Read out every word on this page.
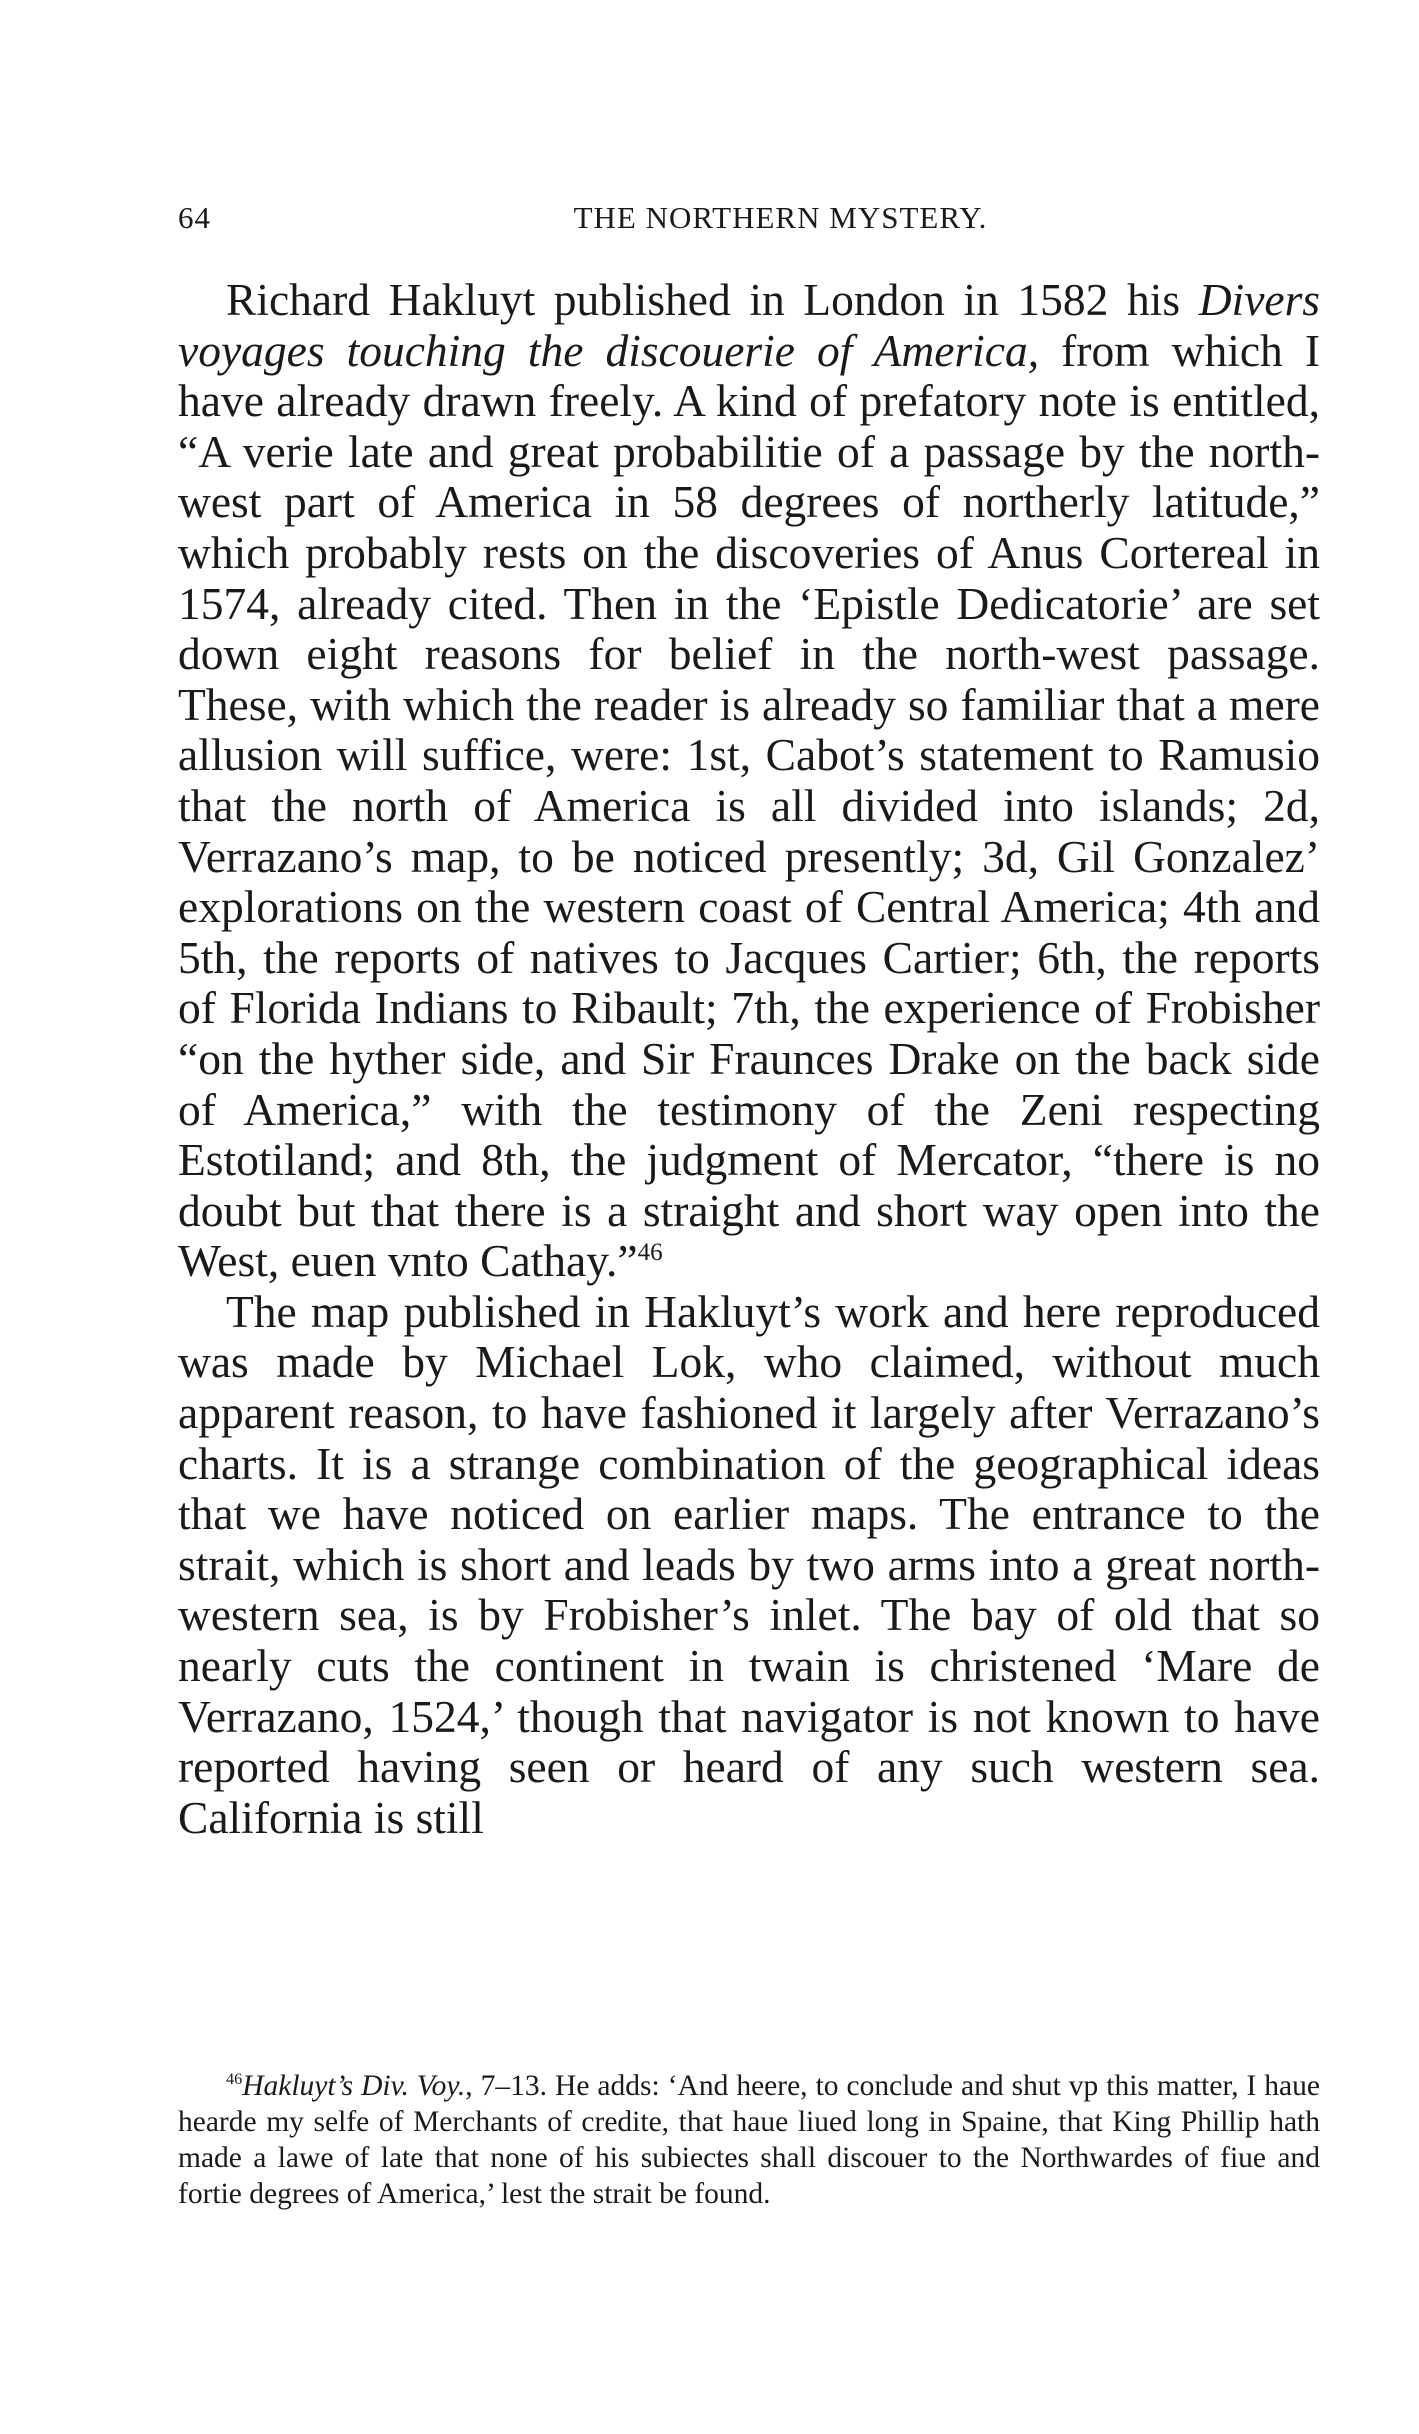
64	THE NORTHERN MYSTERY.

Richard Hakluyt published in London in 1582 his Divers voyages touching the discouerie of America, from which I have already drawn freely. A kind of prefatory note is entitled, “A verie late and great probabilitie of a passage by the north-west part of America in 58 degrees of northerly latitude,” which probably rests on the discoveries of Anus Cortereal in 1574, already cited. Then in the ‘Epistle Dedicatorie’ are set down eight reasons for belief in the north-west passage. These, with which the reader is already so familiar that a mere allusion will suffice, were: 1st, Cabot’s statement to Ramusio that the north of America is all divided into islands; 2d, Verrazano’s map, to be noticed presently; 3d, Gil Gonzalez’ explorations on the western coast of Central America; 4th and 5th, the reports of natives to Jacques Cartier; 6th, the reports of Florida Indians to Ribault; 7th, the experience of Frobisher “on the hyther side, and Sir Fraunces Drake on the back side of America,” with the testimony of the Zeni respecting Estotiland; and 8th, the judgment of Mercator, “there is no doubt but that there is a straight and short way open into the West, euen vnto Cathay.”$^{46}$

The map published in Hakluyt’s work and here reproduced was made by Michael Lok, who claimed, without much apparent reason, to have fashioned it largely after Verrazano’s charts. It is a strange combination of the geographical ideas that we have noticed on earlier maps. The entrance to the strait, which is short and leads by two arms into a great north-western sea, is by Frobisher’s inlet. The bay of old that so nearly cuts the continent in twain is christened ‘Mare de Verrazano, 1524,’ though that navigator is not known to have reported having seen or heard of any such western sea. California is still

$^{46}$Hakluyt’s Div. Voy., 7–13. He adds: ‘And heere, to conclude and shut vp this matter, I haue hearde my selfe of Merchants of credite, that haue liued long in Spaine, that King Phillip hath made a lawe of late that none of his subiectes shall discouer to the Northwardes of fiue and fortie degrees of America,’ lest the strait be found.
